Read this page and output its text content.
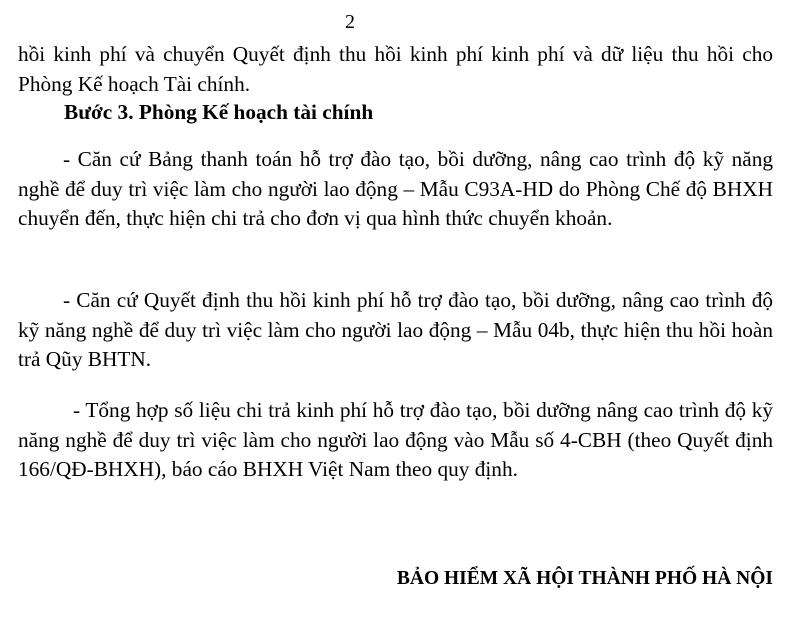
2

hồi kinh phí và chuyển Quyết định thu hồi kinh phí kinh phí và dữ liệu thu hồi cho Phòng Kế hoạch Tài chính.

Bước 3. Phòng Kế hoạch tài chính

- Căn cứ Bảng thanh toán hỗ trợ đào tạo, bồi dưỡng, nâng cao trình độ kỹ năng nghề để duy trì việc làm cho người lao động – Mẫu C93A-HD do Phòng Chế độ BHXH chuyển đến, thực hiện chi trả cho đơn vị qua hình thức chuyển khoản.

- Căn cứ Quyết định thu hồi kinh phí hỗ trợ đào tạo, bồi dưỡng, nâng cao trình độ kỹ năng nghề để duy trì việc làm cho người lao động – Mẫu 04b, thực hiện thu hồi hoàn trả Qũy BHTN.

- Tổng hợp số liệu chi trả kinh phí hỗ trợ đào tạo, bồi dưỡng nâng cao trình độ kỹ năng nghề để duy trì việc làm cho người lao động vào Mẫu số 4-CBH (theo Quyết định 166/QĐ-BHXH), báo cáo BHXH Việt Nam theo quy định.

BẢO HIỂM XÃ HỘI THÀNH PHỐ HÀ NỘI
